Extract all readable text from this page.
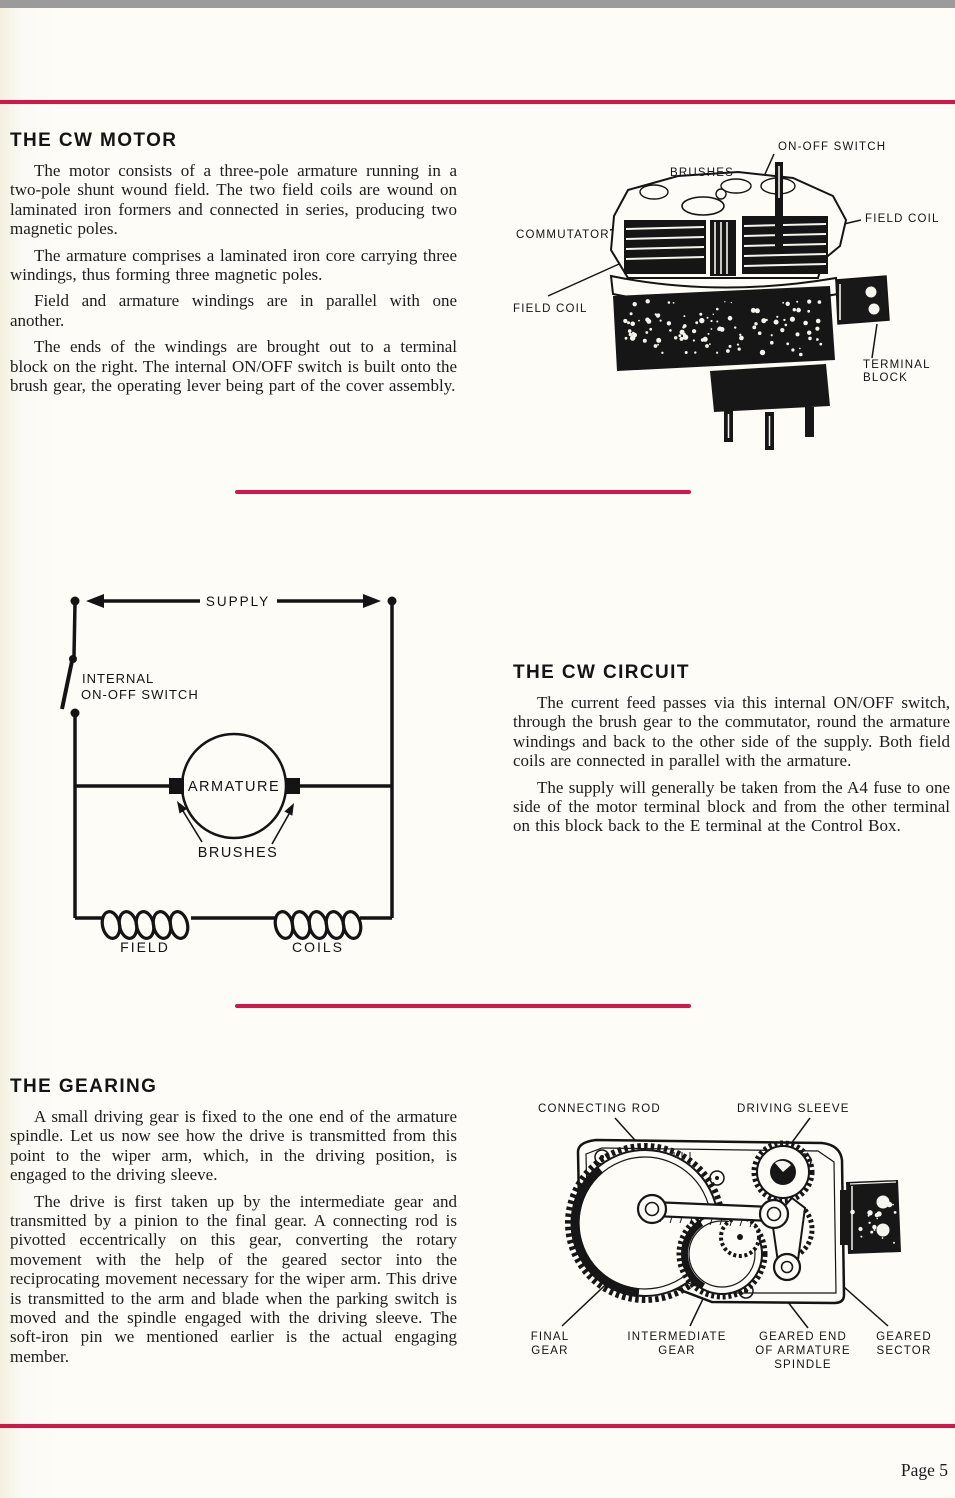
THE CW MOTOR

The motor consists of a three-pole armature running in a two-pole shunt wound field. The two field coils are wound on laminated iron formers and connected in series, producing two magnetic poles.

The armature comprises a laminated iron core carrying three windings, thus forming three magnetic poles.

Field and armature windings are in parallel with one another.

The ends of the windings are brought out to a terminal block on the right. The internal ON/OFF switch is built onto the brush gear, the operating lever being part of the cover assembly.

ON-OFF SWITCH
BRUSHES
COMMUTATOR
FIELD COIL
FIELD COIL
TERMINAL
BLOCK
SUPPLY
INTERNAL
ON-OFF SWITCH
ARMATURE
BRUSHES
FIELD	COILS
THE CW CIRCUIT

The current feed passes via this internal ON/OFF switch, through the brush gear to the commutator, round the armature windings and back to the other side of the supply. Both field coils are connected in parallel with the armature.

The supply will generally be taken from the A4 fuse to one side of the motor terminal block and from the other terminal on this block back to the E terminal at the Control Box.

THE GEARING

A small driving gear is fixed to the one end of the armature spindle. Let us now see how the drive is transmitted from this point to the wiper arm, which, in the driving position, is engaged to the driving sleeve.

The drive is first taken up by the intermediate gear and transmitted by a pinion to the final gear. A connecting rod is pivotted eccentrically on this gear, converting the rotary movement with the help of the geared sector into the reciprocating movement necessary for the wiper arm. This drive is transmitted to the arm and blade when the parking switch is moved and the spindle engaged with the driving sleeve. The soft-iron pin we mentioned earlier is the actual engaging member.

CONNECTING ROD	DRIVING SLEEVE
FINAL
GEAR
INTERMEDIATE
GEAR
GEARED END
OF ARMATURE
SPINDLE
GEARED
SECTOR
Page 5
